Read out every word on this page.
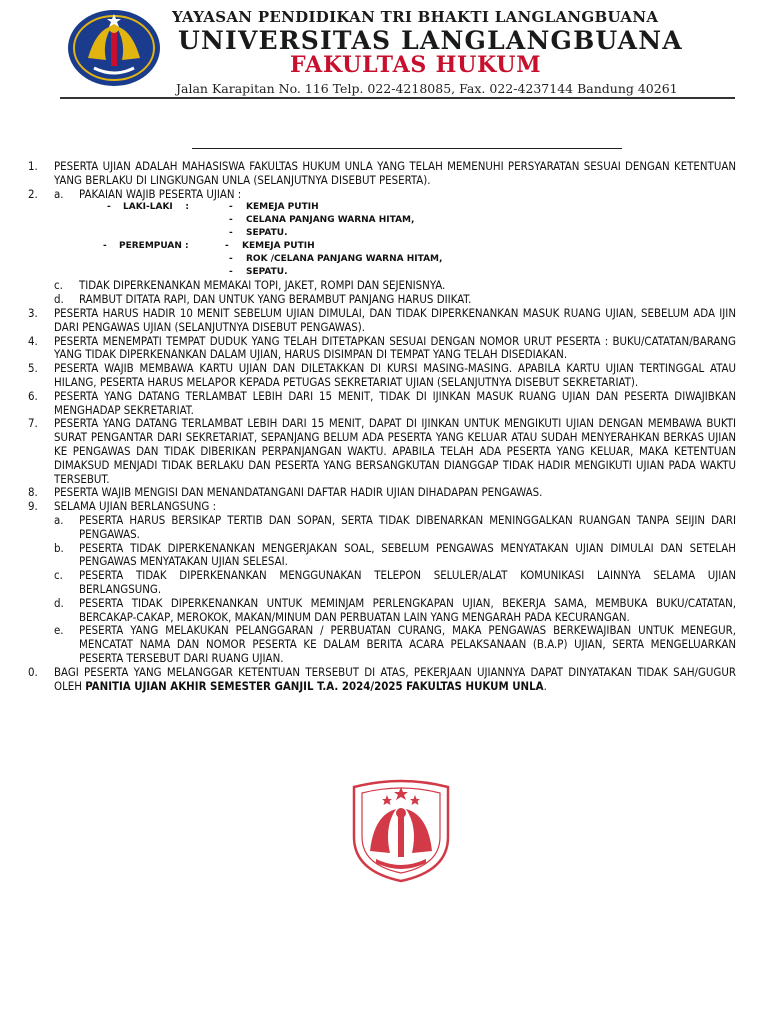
YAYASAN PENDIDIKAN TRI BHAKTI LANGLANGBUANA
UNIVERSITAS LANGLANGBUANA
FAKULTAS HUKUM
Jalan Karapitan No. 116 Telp. 022-4218085, Fax. 022-4237144 Bandung 40261
1.	PESERTA UJIAN ADALAH MAHASISWA FAKULTAS HUKUM UNLA YANG TELAH MEMENUHI PERSYARATAN SESUAI DENGAN KETENTUAN YANG BERLAKU DI LINGKUNGAN UNLA (SELANJUTNYA DISEBUT PESERTA).
2.	a. PAKAIAN WAJIB PESERTA UJIAN :
-	LAKI-LAKI :	-	KEMEJA PUTIH
-	CELANA PANJANG WARNA HITAM,
-	SEPATU.
-	PEREMPUAN :	-	KEMEJA PUTIH
-	ROK /CELANA PANJANG WARNA HITAM,
-	SEPATU.
c.	TIDAK DIPERKENANKAN MEMAKAI TOPI, JAKET, ROMPI DAN SEJENISNYA.
d.	RAMBUT DITATA RAPI, DAN UNTUK YANG BERAMBUT PANJANG HARUS DIIKAT.
3.	PESERTA HARUS HADIR 10 MENIT SEBELUM UJIAN DIMULAI, DAN TIDAK DIPERKENANKAN MASUK RUANG UJIAN, SEBELUM ADA IJIN DARI PENGAWAS UJIAN (SELANJUTNYA DISEBUT PENGAWAS).
4.	PESERTA MENEMPATI TEMPAT DUDUK YANG TELAH DITETAPKAN SESUAI DENGAN NOMOR URUT PESERTA : BUKU/CATATAN/BARANG YANG TIDAK DIPERKENANKAN DALAM UJIAN, HARUS DISIMPAN DI TEMPAT YANG TELAH DISEDIAKAN.
5.	PESERTA WAJIB MEMBAWA KARTU UJIAN DAN DILETAKKAN DI KURSI MASING-MASING. APABILA KARTU UJIAN TERTINGGAL ATAU HILANG, PESERTA HARUS MELAPOR KEPADA PETUGAS SEKRETARIAT UJIAN (SELANJUTNYA DISEBUT SEKRETARIAT).
6.	PESERTA YANG DATANG TERLAMBAT LEBIH DARI 15 MENIT, TIDAK DI IJINKAN MASUK RUANG UJIAN DAN PESERTA DIWAJIBKAN MENGHADAP SEKRETARIAT.
7.	PESERTA YANG DATANG TERLAMBAT LEBIH DARI 15 MENIT, DAPAT DI IJINKAN UNTUK MENGIKUTI UJIAN DENGAN MEMBAWA BUKTI SURAT PENGANTAR DARI SEKRETARIAT, SEPANJANG BELUM ADA PESERTA YANG KELUAR ATAU SUDAH MENYERAHKAN BERKAS UJIAN KE PENGAWAS DAN TIDAK DIBERIKAN PERPANJANGAN WAKTU. APABILA TELAH ADA PESERTA YANG KELUAR, MAKA KETENTUAN DIMAKSUD MENJADI TIDAK BERLAKU DAN PESERTA YANG BERSANGKUTAN DIANGGAP TIDAK HADIR MENGIKUTI UJIAN PADA WAKTU TERSEBUT.
8.	PESERTA WAJIB MENGISI DAN MENANDATANGANI DAFTAR HADIR UJIAN DIHADAPAN PENGAWAS.
9.	SELAMA UJIAN BERLANGSUNG :
a.	PESERTA HARUS BERSIKAP TERTIB DAN SOPAN, SERTA TIDAK DIBENARKAN MENINGGALKAN RUANGAN TANPA SEIJIN DARI PENGAWAS.
b.	PESERTA TIDAK DIPERKENANKAN MENGERJAKAN SOAL, SEBELUM PENGAWAS MENYATAKAN UJIAN DIMULAI DAN SETELAH PENGAWAS MENYATAKAN UJIAN SELESAI.
c.	PESERTA TIDAK DIPERKENANKAN MENGGUNAKAN TELEPON SELULER/ALAT KOMUNIKASI LAINNYA SELAMA UJIAN BERLANGSUNG.
d.	PESERTA TIDAK DIPERKENANKAN UNTUK MEMINJAM PERLENGKAPAN UJIAN, BEKERJA SAMA, MEMBUKA BUKU/CATATAN, BERCAKAP-CAKAP, MEROKOK, MAKAN/MINUM DAN PERBUATAN LAIN YANG MENGARAH PADA KECURANGAN.
e.	PESERTA YANG MELAKUKAN PELANGGARAN / PERBUATAN CURANG, MAKA PENGAWAS BERKEWAJIBAN UNTUK MENEGUR, MENCATAT NAMA DAN NOMOR PESERTA KE DALAM BERITA ACARA PELAKSANAAN (B.A.P) UJIAN, SERTA MENGELUARKAN PESERTA TERSEBUT DARI RUANG UJIAN.
0.	BAGI PESERTA YANG MELANGGAR KETENTUAN TERSEBUT DI ATAS, PEKERJAAN UJIANNYA DAPAT DINYATAKAN TIDAK SAH/GUGUR OLEH PANITIA UJIAN AKHIR SEMESTER GANJIL T.A. 2024/2025 FAKULTAS HUKUM UNLA.
